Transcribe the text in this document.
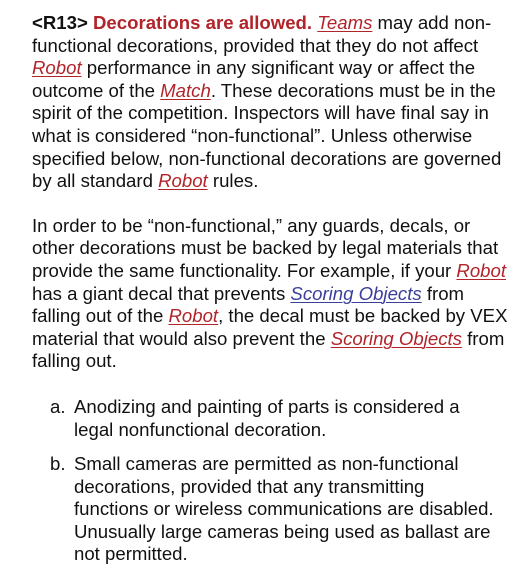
<R13> Decorations are allowed. Teams may add non-functional decorations, provided that they do not affect Robot performance in any significant way or affect the outcome of the Match. These decorations must be in the spirit of the competition. Inspectors will have final say in what is considered “non-functional”. Unless otherwise specified below, non-functional decorations are governed by all standard Robot rules.

In order to be “non-functional,” any guards, decals, or other decorations must be backed by legal materials that provide the same functionality. For example, if your Robot has a giant decal that prevents Scoring Objects from falling out of the Robot, the decal must be backed by VEX material that would also prevent the Scoring Objects from falling out.

a. Anodizing and painting of parts is considered a legal nonfunctional decoration.
b. Small cameras are permitted as non-functional decorations, provided that any transmitting functions or wireless communications are disabled. Unusually large cameras being used as ballast are not permitted.
